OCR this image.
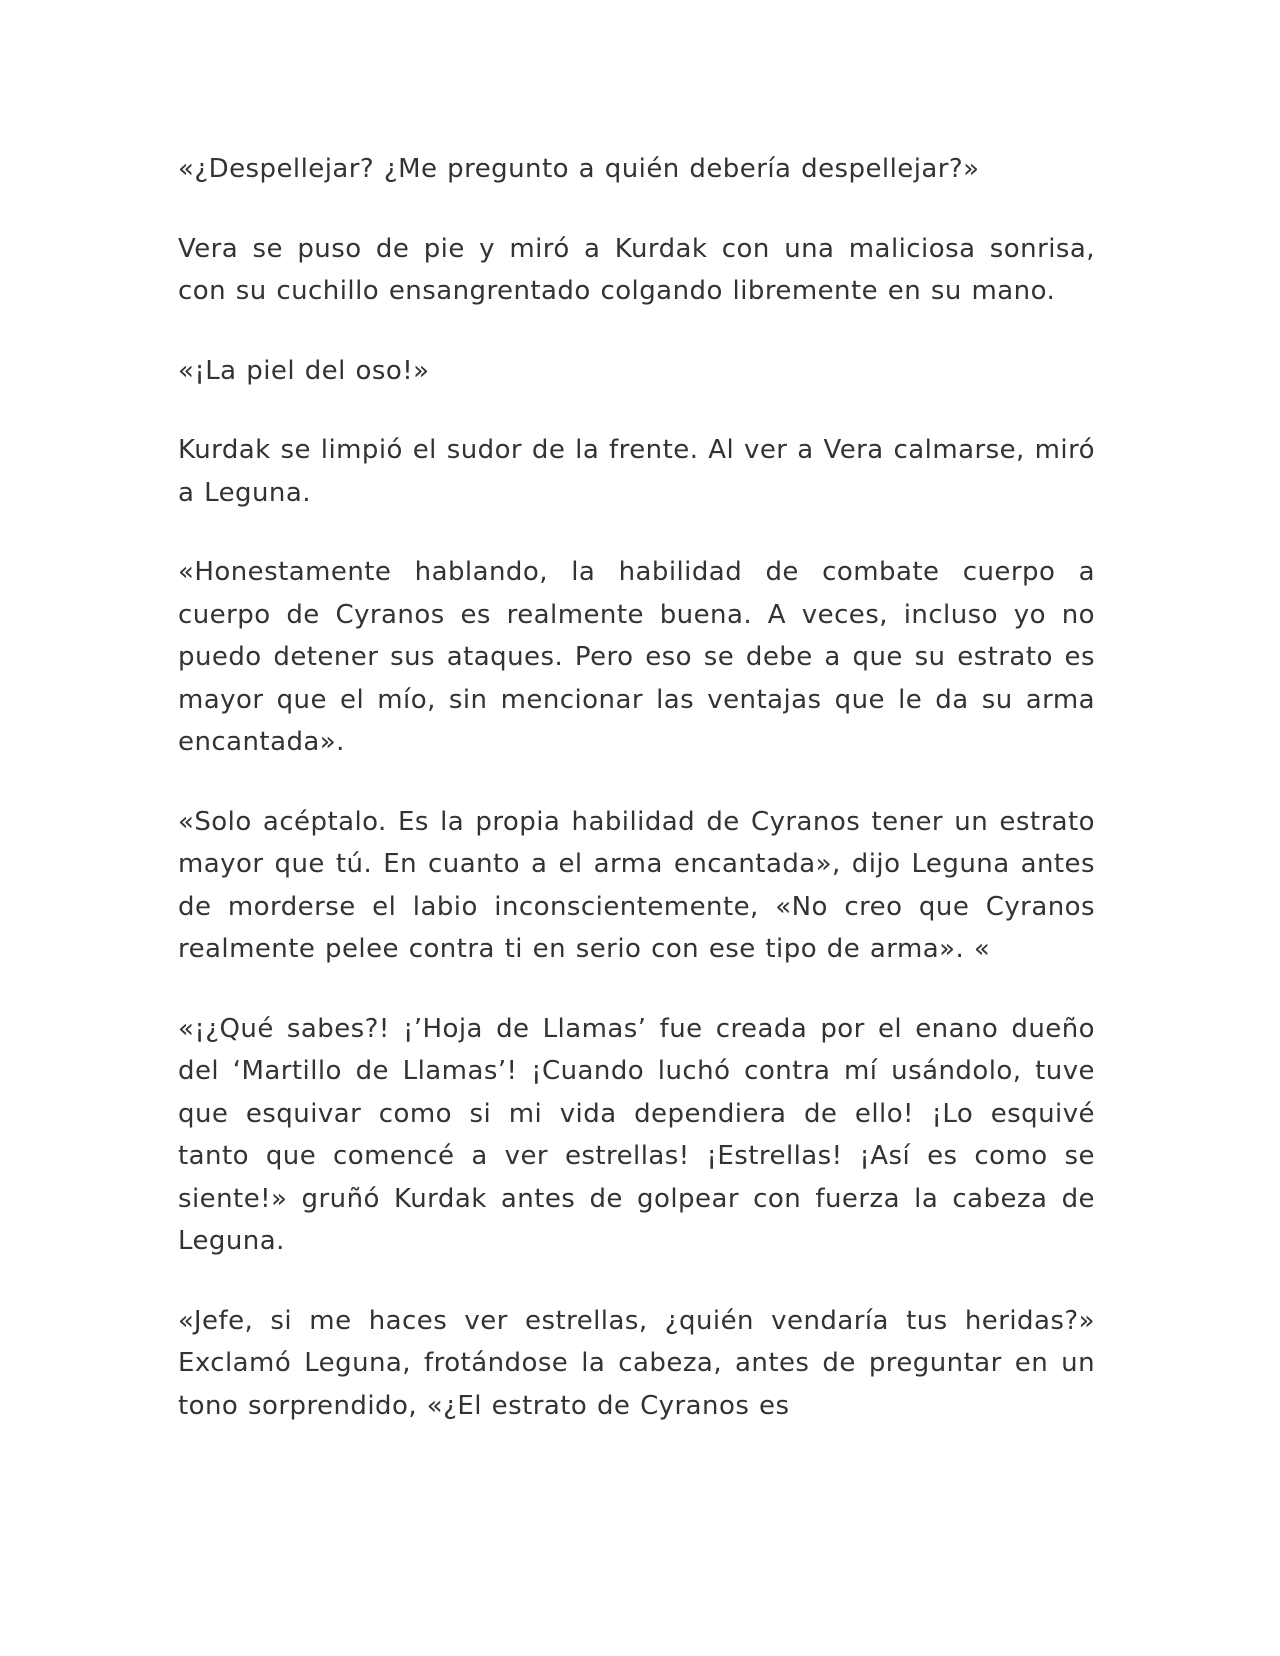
«¿Despellejar? ¿Me pregunto a quién debería despellejar?»

Vera se puso de pie y miró a Kurdak con una maliciosa sonrisa, con su cuchillo ensangrentado colgando libremente en su mano.

«¡La piel del oso!»

Kurdak se limpió el sudor de la frente. Al ver a Vera calmarse, miró a Leguna.

«Honestamente hablando, la habilidad de combate cuerpo a cuerpo de Cyranos es realmente buena. A veces, incluso yo no puedo detener sus ataques. Pero eso se debe a que su estrato es mayor que el mío, sin mencionar las ventajas que le da su arma encantada».

«Solo acéptalo. Es la propia habilidad de Cyranos tener un estrato mayor que tú. En cuanto a el arma encantada», dijo Leguna antes de morderse el labio inconscientemente, «No creo que Cyranos realmente pelee contra ti en serio con ese tipo de arma». «

«¡¿Qué sabes?! ¡’Hoja de Llamas’ fue creada por el enano dueño del ‘Martillo de Llamas’! ¡Cuando luchó contra mí usándolo, tuve que esquivar como si mi vida dependiera de ello! ¡Lo esquivé tanto que comencé a ver estrellas! ¡Estrellas! ¡Así es como se siente!» gruñó Kurdak antes de golpear con fuerza la cabeza de Leguna.

«Jefe, si me haces ver estrellas, ¿quién vendaría tus heridas?» Exclamó Leguna, frotándose la cabeza, antes de preguntar en un tono sorprendido, «¿El estrato de Cyranos es
